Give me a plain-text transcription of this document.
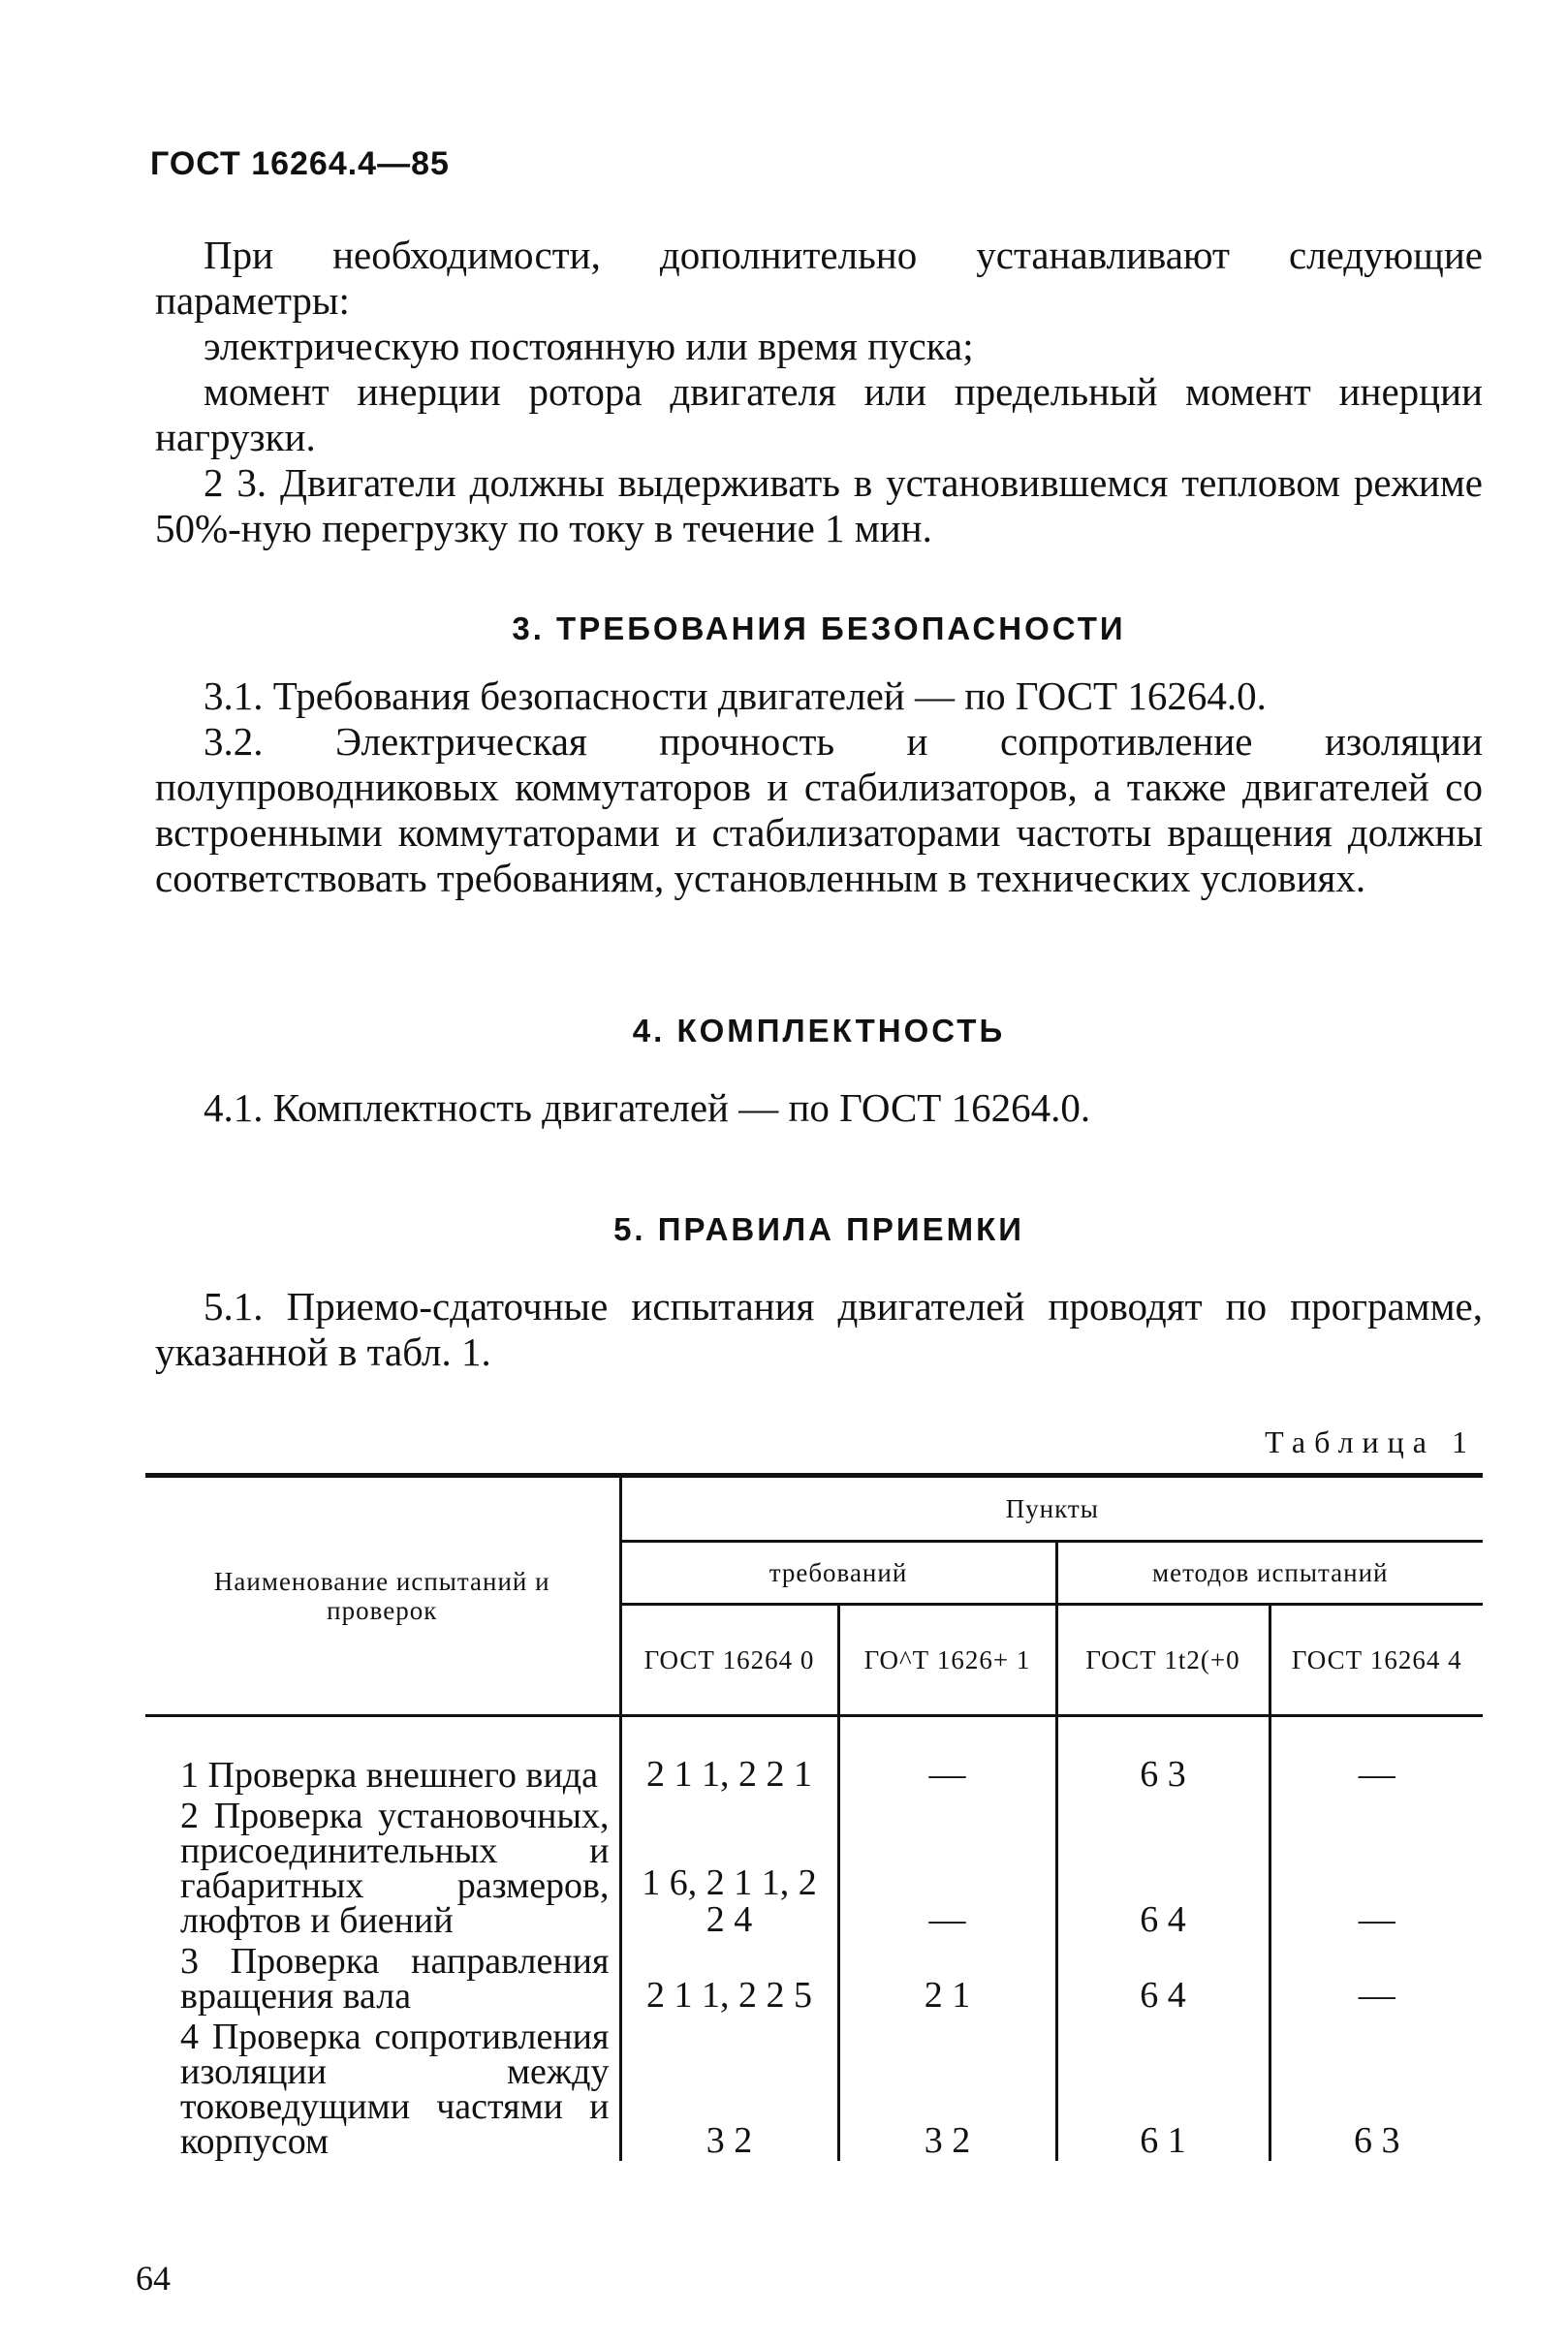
ГОСТ 16264.4—85

При необходимости, дополнительно устанавливают следующие параметры:

электрическую постоянную или время пуска;

момент инерции ротора двигателя или предельный момент инерции нагрузки.

2 3. Двигатели должны выдерживать в установившемся тепловом режиме 50%-ную перегрузку по току в течение 1 мин.

3. ТРЕБОВАНИЯ БЕЗОПАСНОСТИ

3.1. Требования безопасности двигателей — по ГОСТ 16264.0.

3.2. Электрическая прочность и сопротивление изоляции полупроводниковых коммутаторов и стабилизаторов, а также двигателей со встроенными коммутаторами и стабилизаторами частоты вращения должны соответствовать требованиям, установленным в технических условиях.

4. КОМПЛЕКТНОСТЬ

4.1. Комплектность двигателей — по ГОСТ 16264.0.

5. ПРАВИЛА ПРИЕМКИ

5.1. Приемо-сдаточные испытания двигателей проводят по программе, указанной в табл. 1.

Таблица 1
Наименование испытаний и проверок	Пункты			
	требований		методов испытаний	
	ГОСТ 16264 0	ГО^Т 1626+ 1	ГОСТ 1t2(+0	ГОСТ 16264 4
1 Проверка внешнего вида	2 1 1, 2 2 1	—	6 3	—
2 Проверка установочных, присоединительных и габаритных размеров, люфтов и биений	1 6, 2 1 1, 2 2 4	—	6 4	—
3 Проверка направления вращения вала	2 1 1, 2 2 5	2 1	6 4	—
4 Проверка сопротивления изоляции между токоведущими частями и корпусом	3 2	3 2	6 1	6 3
64
